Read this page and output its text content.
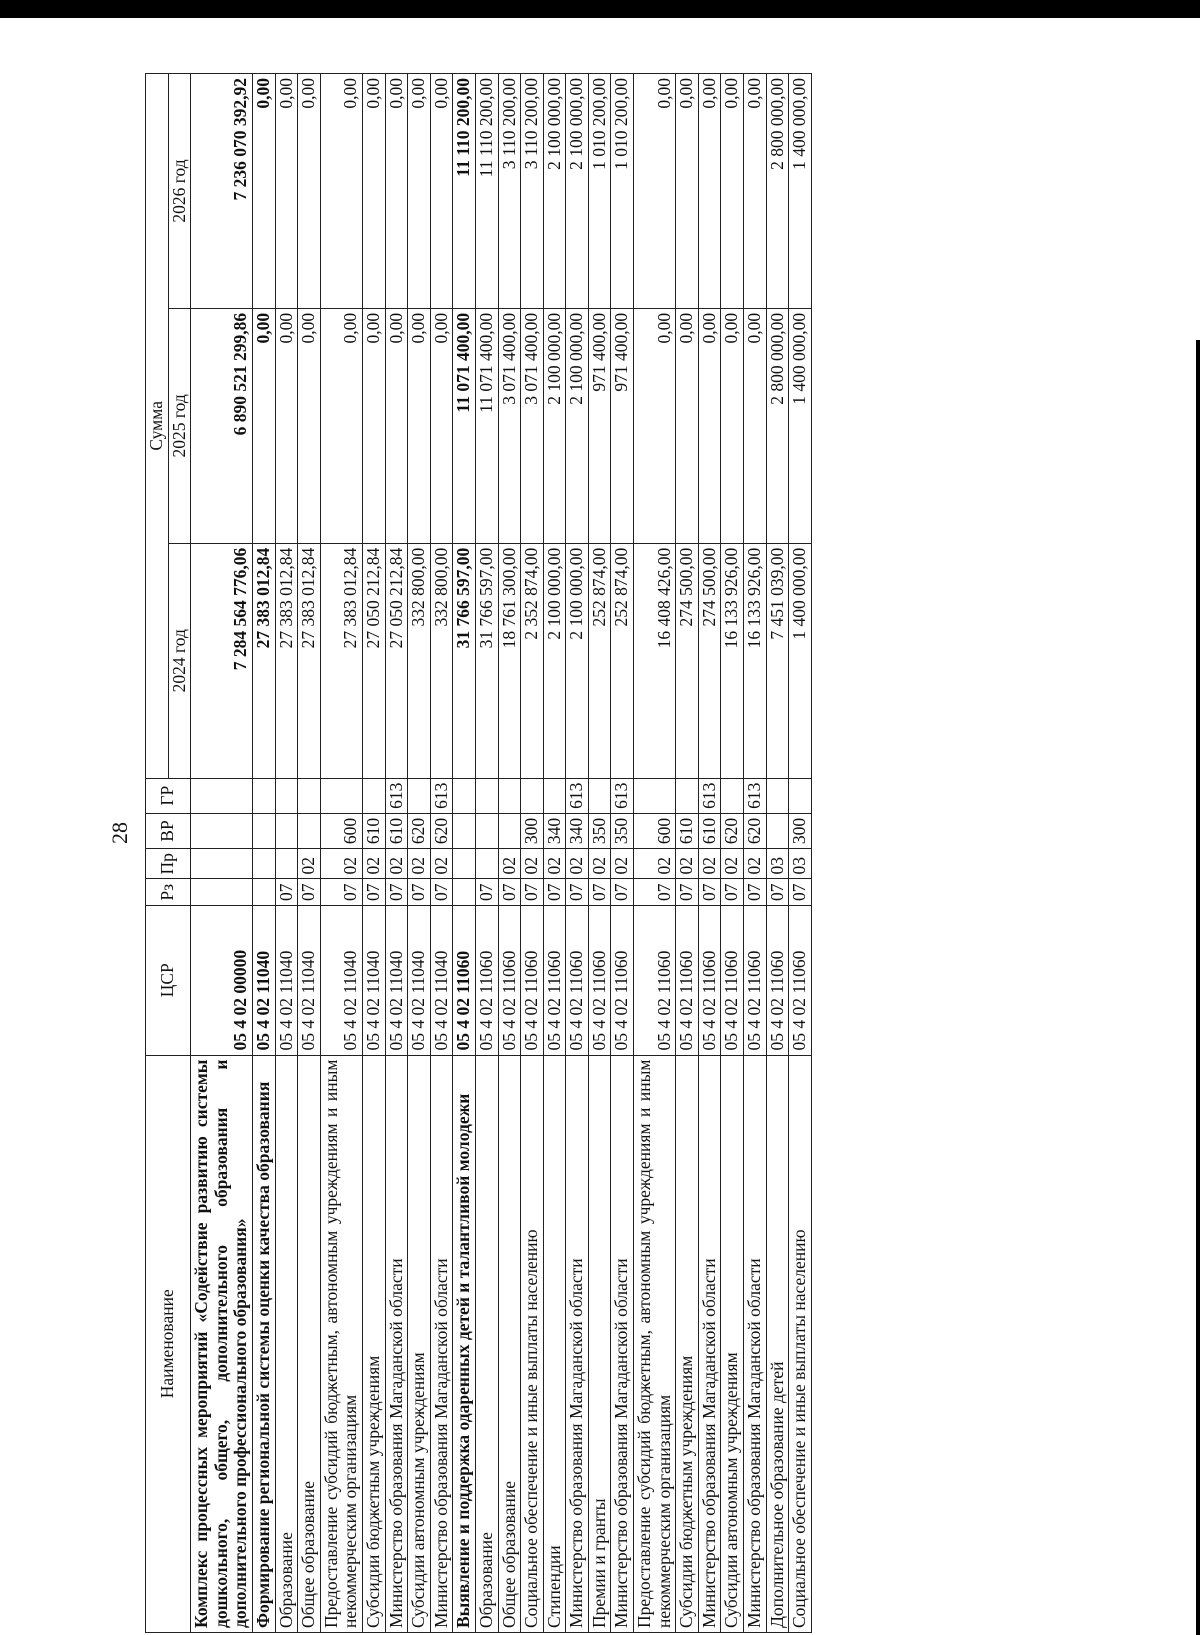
28
Наименование	ЦСР	Рз	Пр	ВР	ГР	Сумма		
						2024 год	2025 год	2026 год
Комплекс процессных мероприятий «Содействие развитию системы дошкольного, общего, дополнительного образования и дополнительного профессионального образования»	05 4 02 00000					7 284 564 776,06	6 890 521 299,86	7 236 070 392,92
Формирование региональной системы оценки качества образования	05 4 02 11040					27 383 012,84	0,00	0,00
Образование	05 4 02 11040	07				27 383 012,84	0,00	0,00
Общее образование	05 4 02 11040	07	02			27 383 012,84	0,00	0,00
Предоставление субсидий бюджетным, автономным учреждениям и иным некоммерческим организациям	05 4 02 11040	07	02	600		27 383 012,84	0,00	0,00
Субсидии бюджетным учреждениям	05 4 02 11040	07	02	610		27 050 212,84	0,00	0,00
Министерство образования Магаданской области	05 4 02 11040	07	02	610	613	27 050 212,84	0,00	0,00
Субсидии автономным учреждениям	05 4 02 11040	07	02	620		332 800,00	0,00	0,00
Министерство образования Магаданской области	05 4 02 11040	07	02	620	613	332 800,00	0,00	0,00
Выявление и поддержка одаренных детей и талантливой молодежи	05 4 02 11060					31 766 597,00	11 071 400,00	11 110 200,00
Образование	05 4 02 11060	07				31 766 597,00	11 071 400,00	11 110 200,00
Общее образование	05 4 02 11060	07	02			18 761 300,00	3 071 400,00	3 110 200,00
Социальное обеспечение и иные выплаты населению	05 4 02 11060	07	02	300		2 352 874,00	3 071 400,00	3 110 200,00
Стипендии	05 4 02 11060	07	02	340		2 100 000,00	2 100 000,00	2 100 000,00
Министерство образования Магаданской области	05 4 02 11060	07	02	340	613	2 100 000,00	2 100 000,00	2 100 000,00
Премии и гранты	05 4 02 11060	07	02	350		252 874,00	971 400,00	1 010 200,00
Министерство образования Магаданской области	05 4 02 11060	07	02	350	613	252 874,00	971 400,00	1 010 200,00
Предоставление субсидий бюджетным, автономным учреждениям и иным некоммерческим организациям	05 4 02 11060	07	02	600		16 408 426,00	0,00	0,00
Субсидии бюджетным учреждениям	05 4 02 11060	07	02	610		274 500,00	0,00	0,00
Министерство образования Магаданской области	05 4 02 11060	07	02	610	613	274 500,00	0,00	0,00
Субсидии автономным учреждениям	05 4 02 11060	07	02	620		16 133 926,00	0,00	0,00
Министерство образования Магаданской области	05 4 02 11060	07	02	620	613	16 133 926,00	0,00	0,00
Дополнительное образование детей	05 4 02 11060	07	03			7 451 039,00	2 800 000,00	2 800 000,00
Социальное обеспечение и иные выплаты населению	05 4 02 11060	07	03	300		1 400 000,00	1 400 000,00	1 400 000,00
